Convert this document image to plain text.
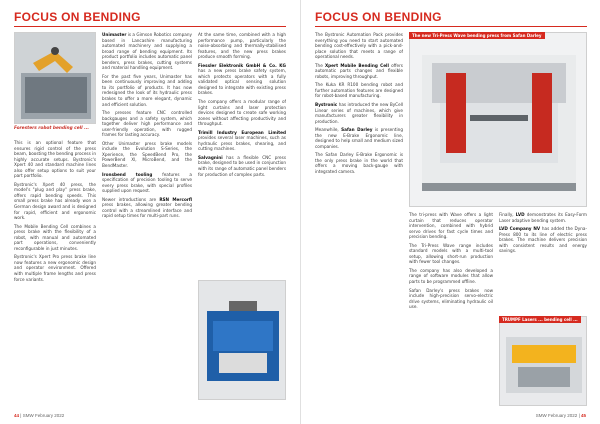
FOCUS ON BENDING
Foresters robot bending cell ...

This is an optional feature that ensures rigid control of the press beam, boosting the bending process in highly accurate setups. Bystronic's Xpert 40 and standard machine lines also offer setup options to suit your part portfolio.

Bystronic's Xpert 40 press, the model's "plug and play" press brake, offers rapid bending speeds. This small press brake has already won a German design award and is designed for rapid, efficient and ergonomic work.

The Mobile Bending Cell combines a press brake with the flexibility of a robot, with manual and automated part operations, conveniently reconfigurable in just minutes.

Bystronic's Xpert Pro press brake line now features a new ergonomic design and operator environment. Offered with multiple frame lengths and press force variants.

Unimaster is a Gimson Robotics company based in Lancashire manufacturing automated machinery and supplying a broad range of bending equipment. Its product portfolio includes automatic panel benders, press brakes, cutting systems and material handling equipment.

For the past five years, Unimaster has been continuously improving and adding to its portfolio of products. It has now redesigned the look of its hydraulic press brakes to offer a more elegant, dynamic and efficient solution.

The presses feature CNC controlled backgauges and a safety system, which together deliver high performance and user-friendly operation, with rugged frames for lasting accuracy.

Other Unimaster press brake models include the Evolution S-Series, the Xperience, the SpeedBend Pro, the PowerBend Xl, MicroBend, and the BendMaster.

Ironsbend tooling features a specification of precision tooling to serve every press brake, with special profiles supplied upon request.

Newer introductions are RSN Mercorfl press brakes, allowing greater bending control with a streamlined interface and rapid setup times for multi-part runs.

At the same time, combined with a high performance pump, particularly the noise-absorbing and thermally-stabilised features, and the new press brakes produce smooth forming.

Fiessler Elektronik GmbH & Co. KG has a new press brake safety system, which protects operators with a fully validated optical sensing solution designed to integrate with existing press brakes.

The company offers a modular range of light curtains and laser protection devices designed to create safe working zones without affecting productivity and throughput.

Trimill Industry European Limited provides several laser machines, such as hydraulic press brakes, shearing, and cutting machines.

Salvagnini has a flexible CNC press brake, designed to be used in conjunction with its range of automatic panel benders for production of complex parts.

44 | SMW February 2022
FOCUS ON BENDING

The Bystronic Automation Pack provides everything you need to start automated bending cost-effectively with a pick-and-place solution that meets a range of operational needs.

The Xpert Mobile Bending Cell offers automatic parts changes and flexible robots, improving throughput.

The Kuka KR R100 bending robot and further automation features are designed for robot-based manufacturing.

Bystronic has introduced the new ByCell Linear series of machines, which give manufacturers greater flexibility in production.

Meanwhile, Safan Darley is presenting the new E-Brake Ergonomic line, designed to help small and medium sized companies.

The Safan Darley E-Brake Ergonomic is the only press brake in the world that offers a moving back-gauge with integrated camera.

The new Tri-Press Wave bending press from Safan Darley

The tri-press with Wave offers a light curtain that reduces operator intervention, combined with hybrid servo drives for fast cycle times and precision bending.

The Tri-Press Wave range includes standard models with a multi-tool setup, allowing short-run production with fewer tool changes.

The company has also developed a range of software modules that allow parts to be programmed offline.

Safan Darley's press brakes now include high-precision servo-electric drive systems, eliminating hydraulic oil use.

Finally, LVD demonstrates its Easy-Form Laser adaptive bending system.

LVD Company NV has added the Dyna-Press 800 to its line of electric press brakes. The machine delivers precision with consistent results and energy savings.

TRUMPF Lasers ... bending cell ...
SMW February 2022 | 45
